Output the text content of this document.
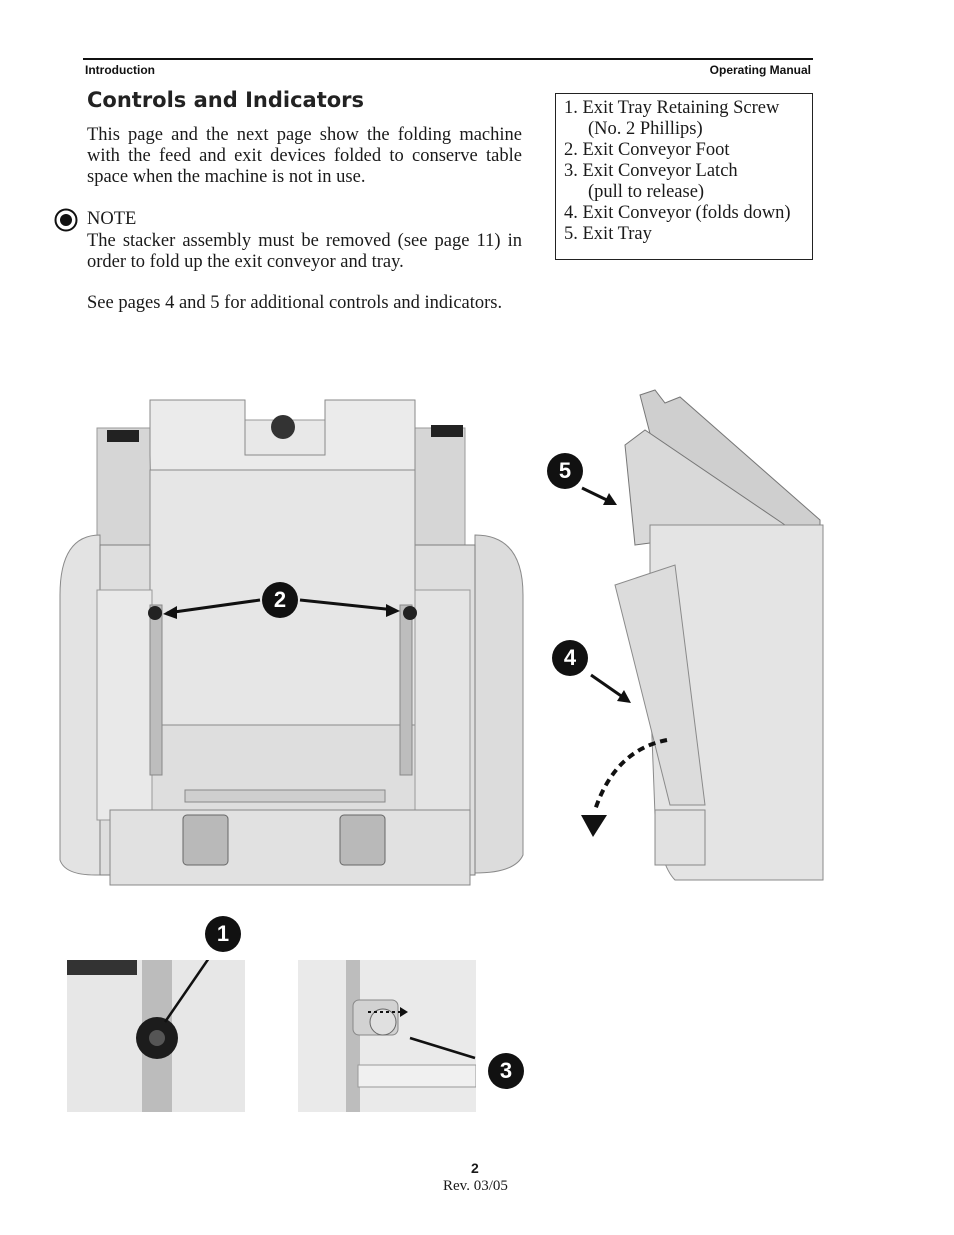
Introduction	Operating Manual
Controls and Indicators
This page and the next page show the folding machine with the feed and exit devices folded to conserve table space when the machine is not in use.
NOTE
The stacker assembly must be removed (see page 11) in order to fold up the exit conveyor and tray.
See pages 4 and 5 for additional controls and indicators.
1. Exit Tray Retaining Screw
(No. 2 Phillips)
2. Exit Conveyor Foot
3. Exit Conveyor Latch
(pull to release)
4. Exit Conveyor (folds down)
5. Exit Tray
2
5
4
1
3
2
Rev. 03/05
